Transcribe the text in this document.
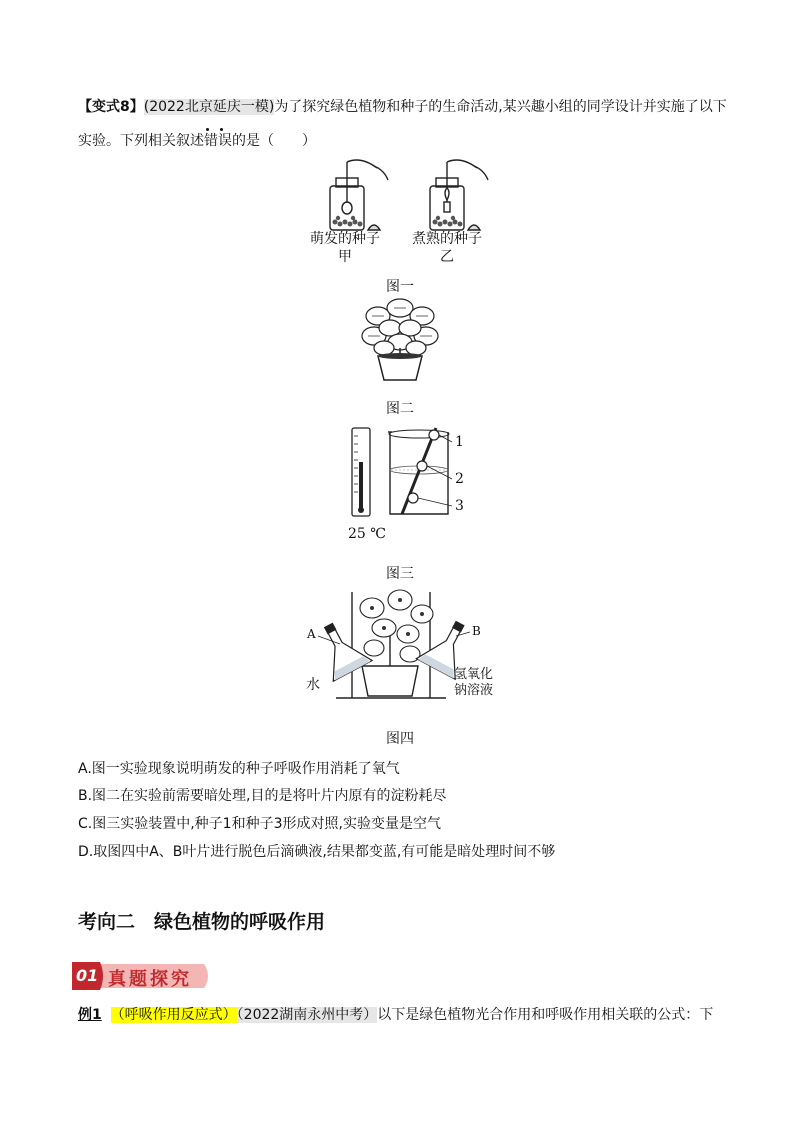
【变式8】(2022北京延庆一模)为了探究绿色植物和种子的生命活动,某兴趣小组的同学设计并实施了以下
实验。下列相关叙述错误的是（　　）
萌发的种子
甲
煮熟的种子
乙
图一
图二
1
2
3
25 ℃
图三
A	B
水
氢氧化
钠溶液
图四
A.图一实验现象说明萌发的种子呼吸作用消耗了氧气
B.图二在实验前需要暗处理,目的是将叶片内原有的淀粉耗尽
C.图三实验装置中,种子1和种子3形成对照,实验变量是空气
D.取图四中A、B叶片进行脱色后滴碘液,结果都变蓝,有可能是暗处理时间不够
考向二　绿色植物的呼吸作用
01 真题探究
例1 （呼吸作用反应式）（2022湖南永州中考）以下是绿色植物光合作用和呼吸作用相关联的公式：下
